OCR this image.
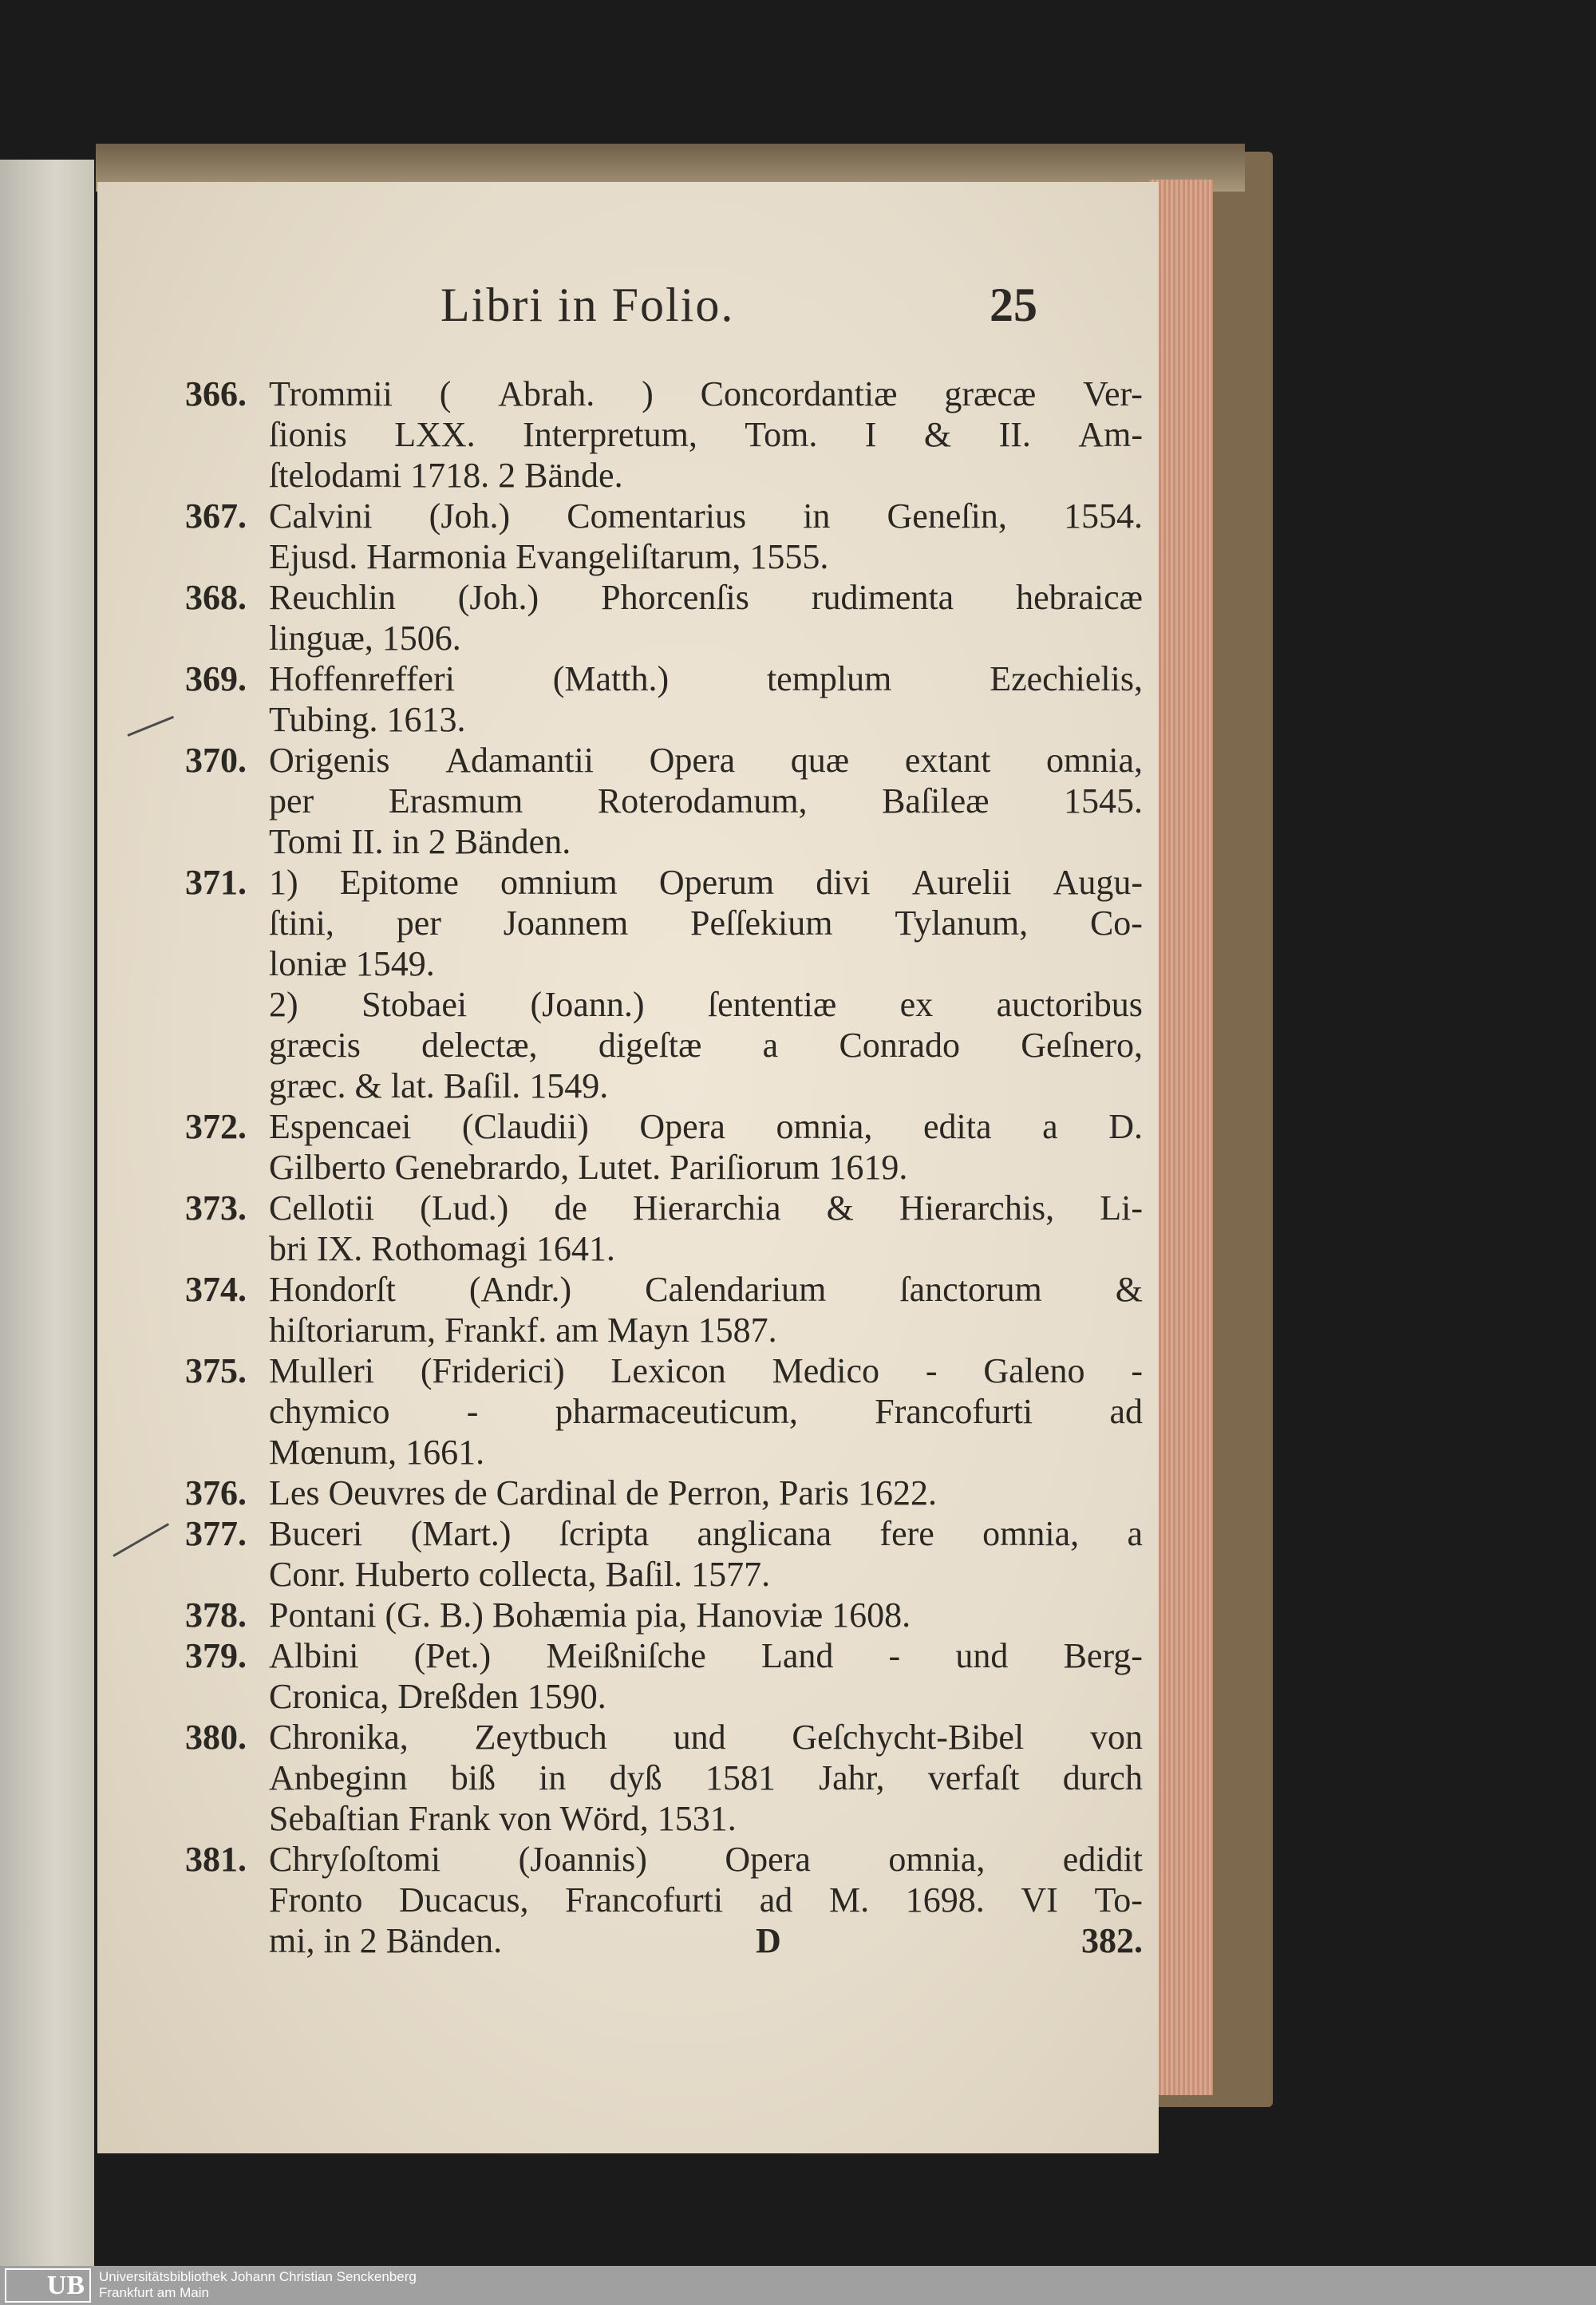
Libri in Folio.	25
366. Trommii ( Abrah. ) Concordantiæ græcæ Ver-
ſionis LXX. Interpretum, Tom. I & II. Am-
ſtelodami 1718. 2 Bände.
367. Calvini (Joh.) Comentarius in Geneſin, 1554.
Ejusd. Harmonia Evangeliſtarum, 1555.
368. Reuchlin (Joh.) Phorcenſis rudimenta hebraicæ
linguæ, 1506.
369. Hoffenrefferi	(Matth.)	templum	Ezechielis,
Tubing. 1613.
370. Origenis Adamantii Opera quæ extant omnia,
per Erasmum Roterodamum, Baſileæ 1545.
Tomi II. in 2 Bänden.
371. 1) Epitome omnium Operum divi Aurelii Augu-
ſtini, per Joannem Peſſekium Tylanum, Co-
loniæ 1549.
2) Stobaei (Joann.) ſententiæ ex auctoribus
græcis delectæ, digeſtæ a Conrado Geſnero,
græc. & lat. Baſil. 1549.
372. Espencaei (Claudii) Opera omnia, edita a D.
Gilberto Genebrardo, Lutet. Pariſiorum 1619.
373. Cellotii (Lud.) de Hierarchia & Hierarchis, Li-
bri IX. Rothomagi 1641.
374. Hondorſt (Andr.) Calendarium ſanctorum &
hiſtoriarum, Frankf. am Mayn 1587.
375. Mulleri (Friderici) Lexicon Medico - Galeno -
chymico - pharmaceuticum, Francofurti ad
Mœnum, 1661.
376. Les Oeuvres de Cardinal de Perron, Paris 1622.
377. Buceri (Mart.) ſcripta anglicana fere omnia, a
Conr. Huberto collecta, Baſil. 1577.
378. Pontani (G. B.) Bohæmia pia, Hanoviæ 1608.
379. Albini (Pet.) Meißniſche Land - und Berg-
Cronica, Dreßden 1590.
380. Chronika, Zeytbuch und Geſchycht-Bibel von
Anbeginn biß in dyß 1581 Jahr, verfaſt durch
Sebaſtian Frank von Wörd, 1531.
381. Chryſoſtomi (Joannis) Opera omnia, edidit
Fronto Ducacus, Francofurti ad M. 1698. VI To-
mi, in 2 Bänden.	D	382.
UB	Universitätsbibliothek Johann Christian Senckenberg
Frankfurt am Main
